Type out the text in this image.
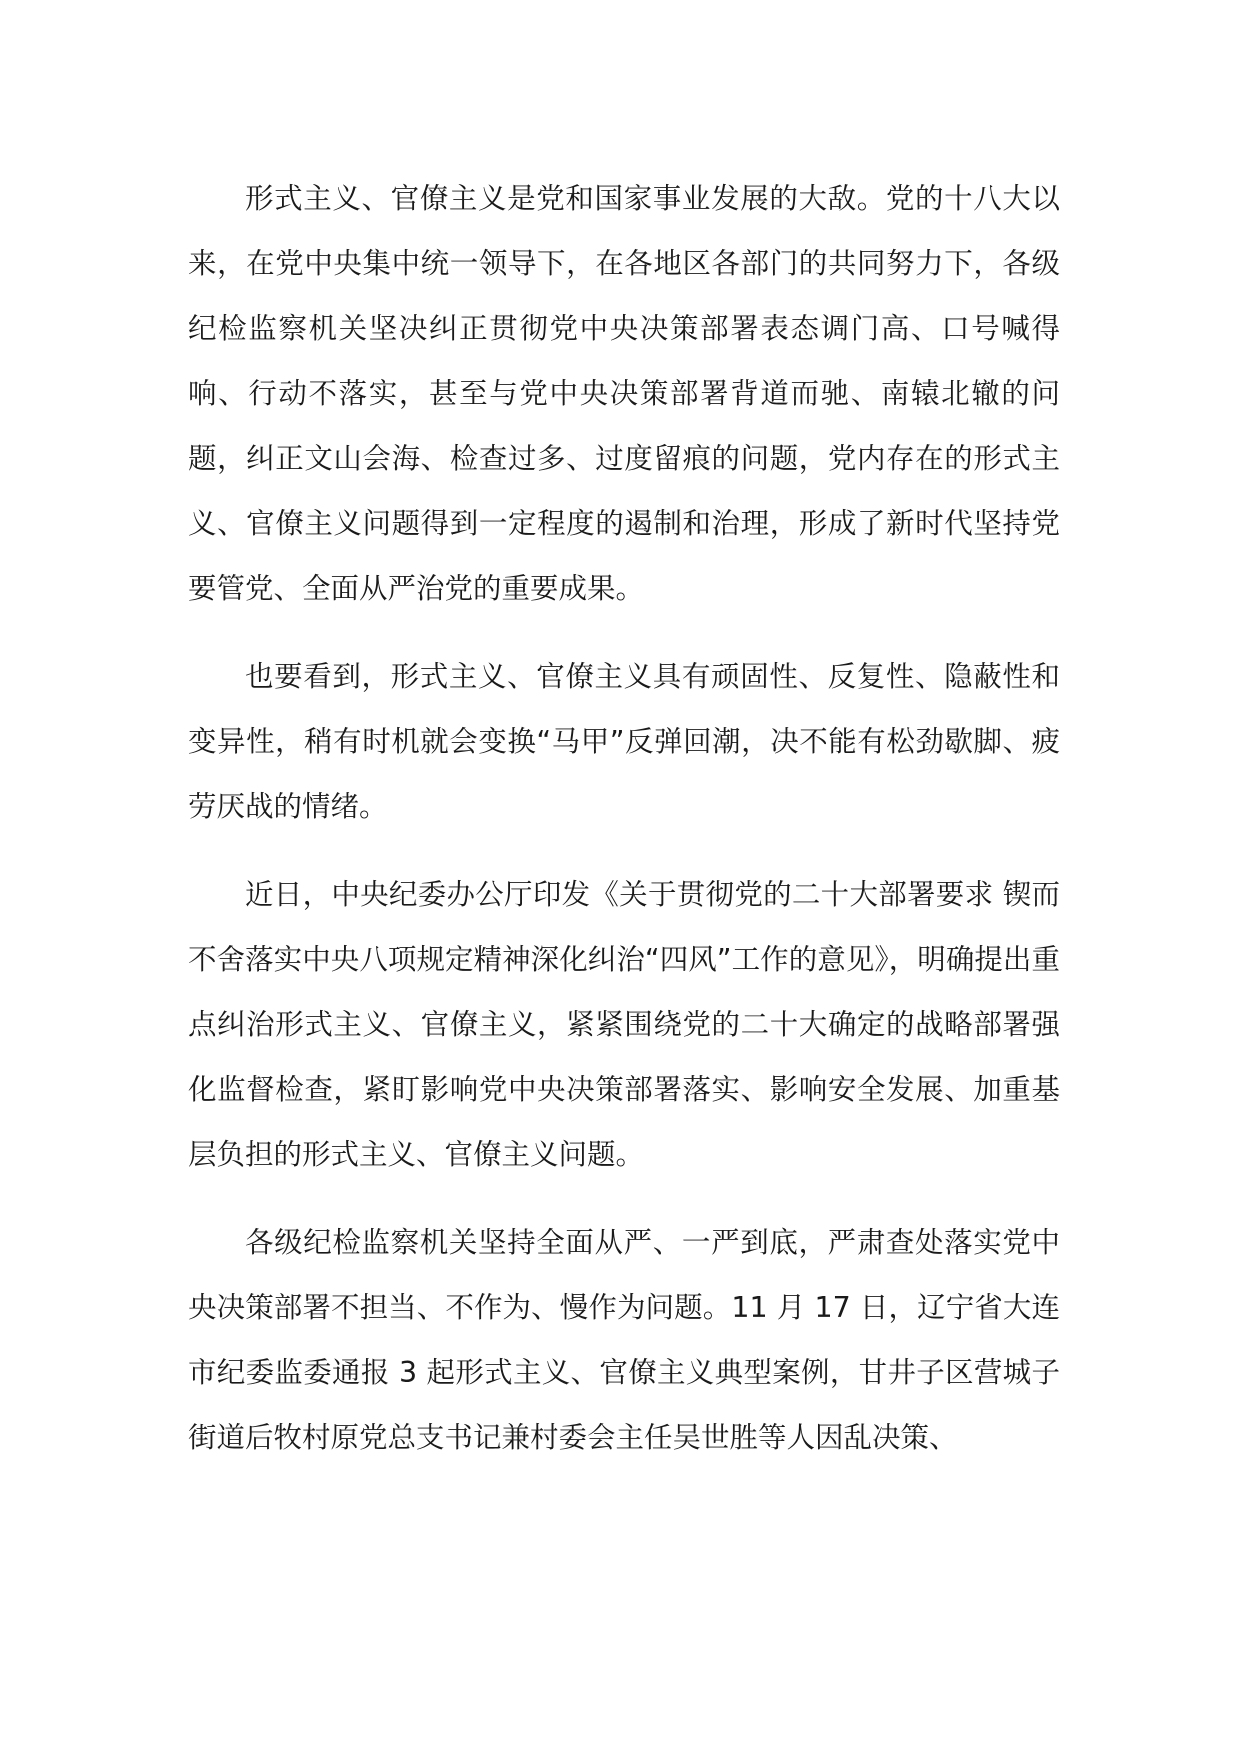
形式主义、官僚主义是党和国家事业发展的大敌。党的十八大以来，在党中央集中统一领导下，在各地区各部门的共同努力下，各级纪检监察机关坚决纠正贯彻党中央决策部署表态调门高、口号喊得响、行动不落实，甚至与党中央决策部署背道而驰、南辕北辙的问题，纠正文山会海、检查过多、过度留痕的问题，党内存在的形式主义、官僚主义问题得到一定程度的遏制和治理，形成了新时代坚持党要管党、全面从严治党的重要成果。

也要看到，形式主义、官僚主义具有顽固性、反复性、隐蔽性和变异性，稍有时机就会变换“马甲”反弹回潮，决不能有松劲歇脚、疲劳厌战的情绪。

近日，中央纪委办公厅印发《关于贯彻党的二十大部署要求 锲而不舍落实中央八项规定精神深化纠治“四风”工作的意见》，明确提出重点纠治形式主义、官僚主义，紧紧围绕党的二十大确定的战略部署强化监督检查，紧盯影响党中央决策部署落实、影响安全发展、加重基层负担的形式主义、官僚主义问题。

各级纪检监察机关坚持全面从严、一严到底，严肃查处落实党中央决策部署不担当、不作为、慢作为问题。11 月 17 日，辽宁省大连市纪委监委通报 3 起形式主义、官僚主义典型案例，甘井子区营城子街道后牧村原党总支书记兼村委会主任吴世胜等人因乱决策、
